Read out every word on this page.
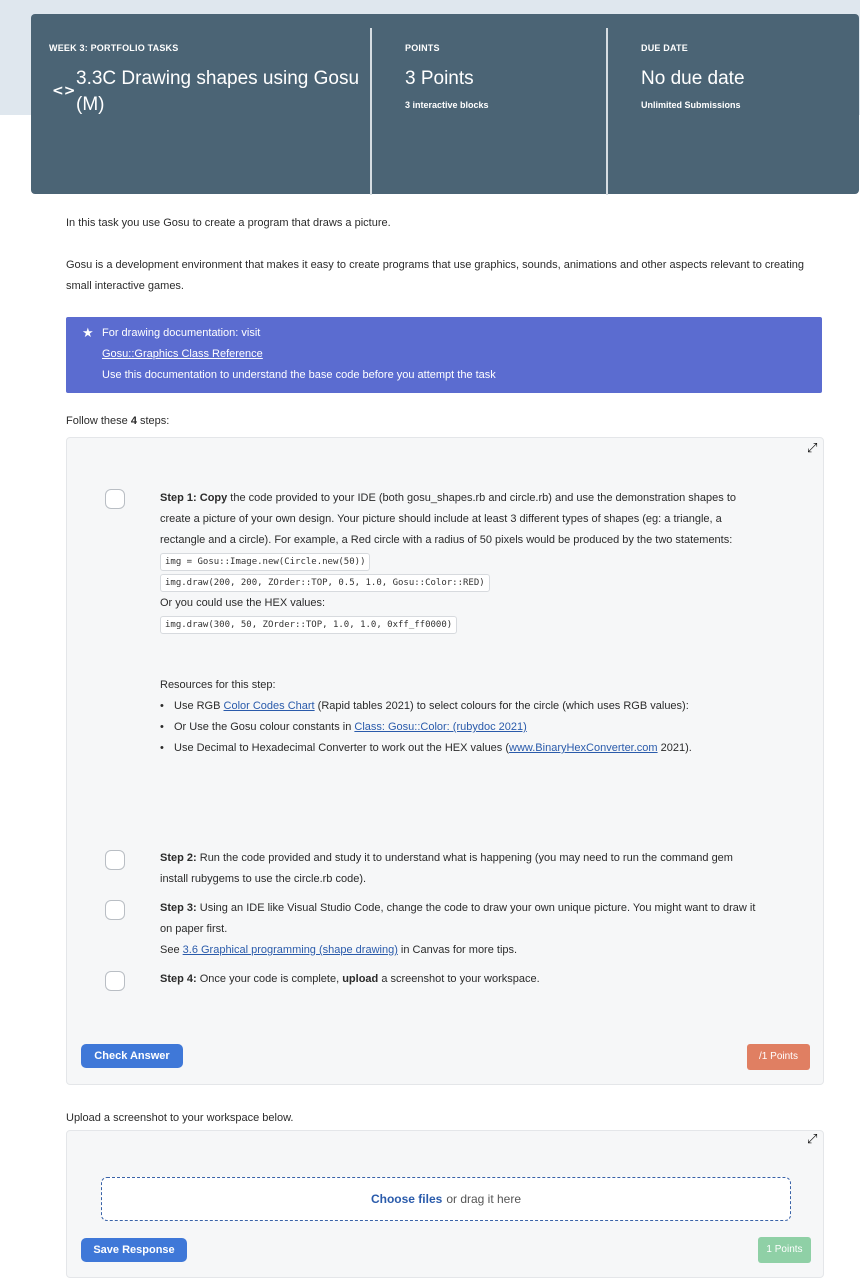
WEEK 3: PORTFOLIO TASKS
<>
3.3C Drawing shapes using Gosu (M)
POINTS
3 Points
3 interactive blocks
DUE DATE
No due date
Unlimited Submissions
In this task you use Gosu to create a program that draws a picture.
Gosu is a development environment that makes it easy to create programs that use graphics, sounds, animations and other aspects relevant to creating small interactive games.
★ For drawing documentation: visit
Gosu::Graphics Class Reference
Use this documentation to understand the base code before you attempt the task
Follow these 4 steps:
⤢
Step 1: Copy the code provided to your IDE (both gosu_shapes.rb and circle.rb) and use the demonstration shapes to create a picture of your own design. Your picture should include at least 3 different types of shapes (eg: a triangle, a rectangle and a circle). For example, a Red circle with a radius of 50 pixels would be produced by the two statements:
img = Gosu::Image.new(Circle.new(50))
img.draw(200, 200, ZOrder::TOP, 0.5, 1.0, Gosu::Color::RED)
Or you could use the HEX values:
img.draw(300, 50, ZOrder::TOP, 1.0, 1.0, 0xff_ff0000)
Resources for this step:
• Use RGB Color Codes Chart (Rapid tables 2021) to select colours for the circle (which uses RGB values):
• Or Use the Gosu colour constants in Class: Gosu::Color: (rubydoc 2021)
• Use Decimal to Hexadecimal Converter to work out the HEX values (www.BinaryHexConverter.com 2021).
Step 2: Run the code provided and study it to understand what is happening (you may need to run the command gem install rubygems to use the circle.rb code).
Step 3: Using an IDE like Visual Studio Code, change the code to draw your own unique picture. You might want to draw it on paper first.
See 3.6 Graphical programming (shape drawing) in Canvas for more tips.
Step 4: Once your code is complete, upload a screenshot to your workspace.
Check Answer	/1 Points
Upload a screenshot to your workspace below.
⤢
Choose files or drag it here
Save Response	1 Points
